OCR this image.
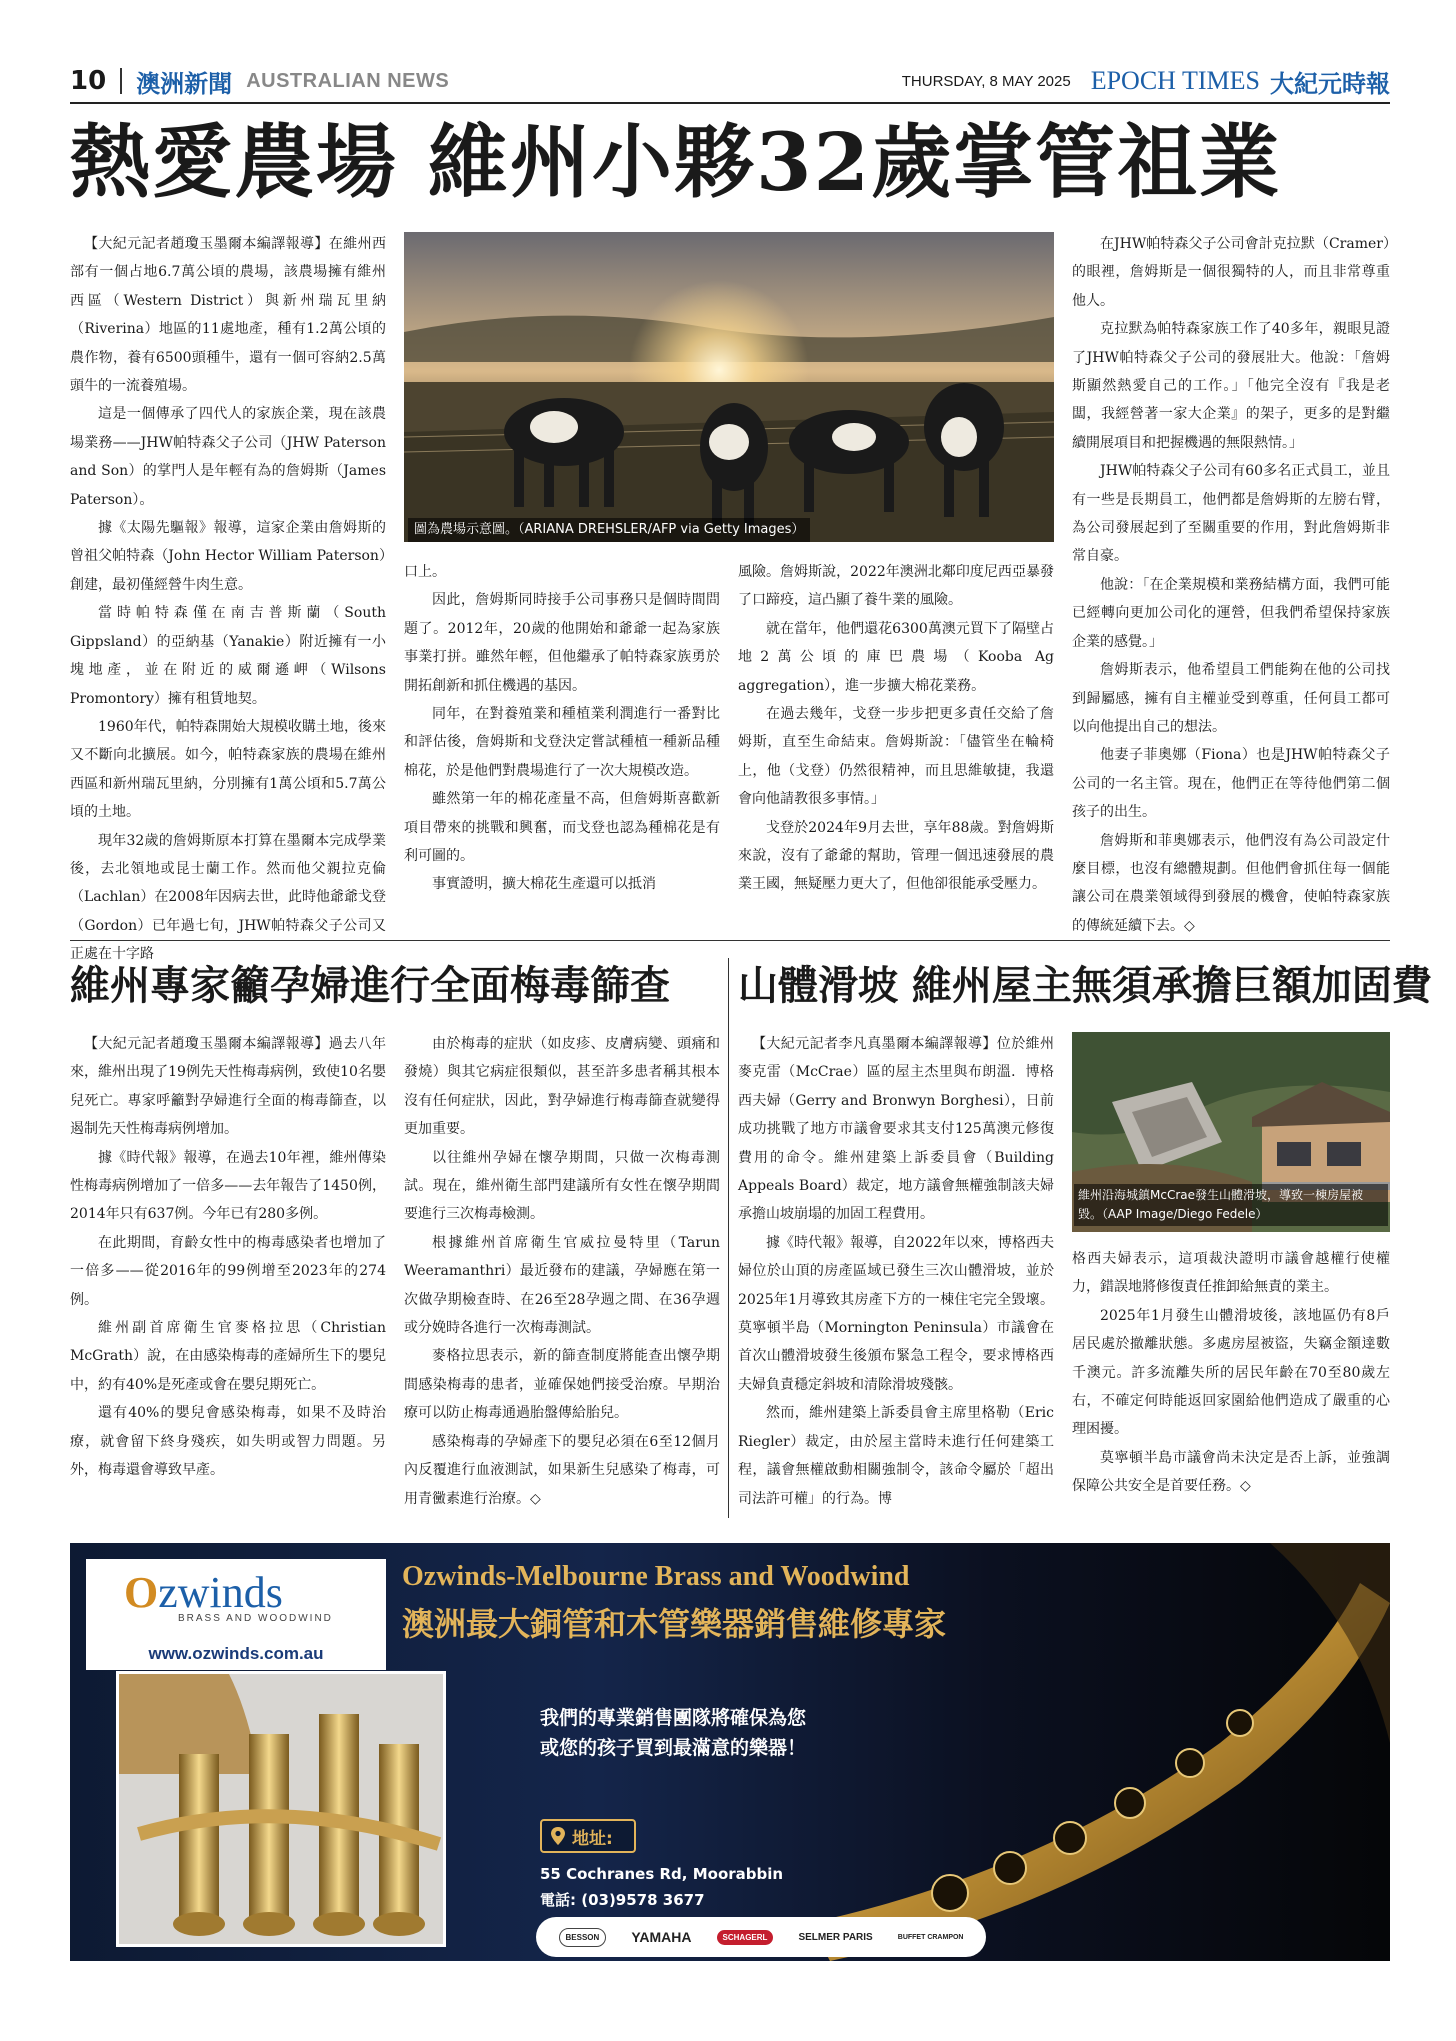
10 澳洲新聞 AUSTRALIAN NEWS	THURSDAY, 8 MAY 2025 EPOCH TIMES 大紀元時報
熱愛農場 維州小夥32歲掌管祖業

【大紀元記者趙瓊玉墨爾本編譯報導】在維州西部有一個占地6.7萬公頃的農場，該農場擁有維州西區（Western District）與新州瑞瓦里納（Riverina）地區的11處地產，種有1.2萬公頃的農作物，養有6500頭種牛，還有一個可容納2.5萬頭牛的一流養殖場。

這是一個傳承了四代人的家族企業，現在該農場業務——JHW帕特森父子公司（JHW Paterson and Son）的掌門人是年輕有為的詹姆斯（James Paterson）。

據《太陽先驅報》報導，這家企業由詹姆斯的曾祖父帕特森（John Hector William Paterson）創建，最初僅經營牛肉生意。

當時帕特森僅在南吉普斯蘭（South Gippsland）的亞納基（Yanakie）附近擁有一小塊地產，並在附近的威爾遜岬（Wilsons Promontory）擁有租賃地契。

1960年代，帕特森開始大規模收購土地，後來又不斷向北擴展。如今，帕特森家族的農場在維州西區和新州瑞瓦里納，分別擁有1萬公頃和5.7萬公頃的土地。

現年32歲的詹姆斯原本打算在墨爾本完成學業後，去北領地或昆士蘭工作。然而他父親拉克倫（Lachlan）在2008年因病去世，此時他爺爺戈登（Gordon）已年過七旬，JHW帕特森父子公司又正處在十字路

圖為農場示意圖。（ARIANA DREHSLER/AFP via Getty Images）

口上。

因此，詹姆斯同時接手公司事務只是個時間問題了。2012年，20歲的他開始和爺爺一起為家族事業打拼。雖然年輕，但他繼承了帕特森家族勇於開拓創新和抓住機遇的基因。

同年，在對養殖業和種植業利潤進行一番對比和評估後，詹姆斯和戈登決定嘗試種植一種新品種棉花，於是他們對農場進行了一次大規模改造。

雖然第一年的棉花產量不高，但詹姆斯喜歡新項目帶來的挑戰和興奮，而戈登也認為種棉花是有利可圖的。

事實證明，擴大棉花生產還可以抵消

風險。詹姆斯說，2022年澳洲北鄰印度尼西亞暴發了口蹄疫，這凸顯了養牛業的風險。

就在當年，他們還花6300萬澳元買下了隔壁占地2萬公頃的庫巴農場（Kooba Ag aggregation），進一步擴大棉花業務。

在過去幾年，戈登一步步把更多責任交給了詹姆斯，直至生命結束。詹姆斯說：「儘管坐在輪椅上，他（戈登）仍然很精神，而且思維敏捷，我還會向他請教很多事情。」

戈登於2024年9月去世，享年88歲。對詹姆斯來說，沒有了爺爺的幫助，管理一個迅速發展的農業王國，無疑壓力更大了，但他卻很能承受壓力。

在JHW帕特森父子公司會計克拉默（Cramer）的眼裡，詹姆斯是一個很獨特的人，而且非常尊重他人。

克拉默為帕特森家族工作了40多年，親眼見證了JHW帕特森父子公司的發展壯大。他說：「詹姆斯顯然熱愛自己的工作。」「他完全沒有『我是老闆，我經營著一家大企業』的架子，更多的是對繼續開展項目和把握機遇的無限熱情。」

JHW帕特森父子公司有60多名正式員工，並且有一些是長期員工，他們都是詹姆斯的左膀右臂，為公司發展起到了至關重要的作用，對此詹姆斯非常自豪。

他說：「在企業規模和業務結構方面，我們可能已經轉向更加公司化的運營，但我們希望保持家族企業的感覺。」

詹姆斯表示，他希望員工們能夠在他的公司找到歸屬感，擁有自主權並受到尊重，任何員工都可以向他提出自己的想法。

他妻子菲奧娜（Fiona）也是JHW帕特森父子公司的一名主管。現在，他們正在等待他們第二個孩子的出生。

詹姆斯和菲奧娜表示，他們沒有為公司設定什麼目標，也沒有總體規劃。但他們會抓住每一個能讓公司在農業領域得到發展的機會，使帕特森家族的傳統延續下去。◇

維州專家籲孕婦進行全面梅毒篩查

【大紀元記者趙瓊玉墨爾本編譯報導】過去八年來，維州出現了19例先天性梅毒病例，致使10名嬰兒死亡。專家呼籲對孕婦進行全面的梅毒篩查，以遏制先天性梅毒病例增加。

據《時代報》報導，在過去10年裡，維州傳染性梅毒病例增加了一倍多——去年報告了1450例，2014年只有637例。今年已有280多例。

在此期間，育齡女性中的梅毒感染者也增加了一倍多——從2016年的99例增至2023年的274例。

維州副首席衛生官麥格拉思（Christian McGrath）說，在由感染梅毒的產婦所生下的嬰兒中，約有40%是死產或會在嬰兒期死亡。

還有40%的嬰兒會感染梅毒，如果不及時治療，就會留下終身殘疾，如失明或智力問題。另外，梅毒還會導致早產。

由於梅毒的症狀（如皮疹、皮膚病變、頭痛和發燒）與其它病症很類似，甚至許多患者稱其根本沒有任何症狀，因此，對孕婦進行梅毒篩查就變得更加重要。

以往維州孕婦在懷孕期間，只做一次梅毒測試。現在，維州衛生部門建議所有女性在懷孕期間要進行三次梅毒檢測。

根據維州首席衛生官威拉曼特里（Tarun Weeramanthri）最近發布的建議，孕婦應在第一次做孕期檢查時、在26至28孕週之間、在36孕週或分娩時各進行一次梅毒測試。

麥格拉思表示，新的篩查制度將能查出懷孕期間感染梅毒的患者，並確保她們接受治療。早期治療可以防止梅毒通過胎盤傳給胎兒。

感染梅毒的孕婦產下的嬰兒必須在6至12個月內反覆進行血液測試，如果新生兒感染了梅毒，可用青黴素進行治療。◇

山體滑坡 維州屋主無須承擔巨額加固費

【大紀元記者李凡真墨爾本編譯報導】位於維州麥克雷（McCrae）區的屋主杰里與布朗溫．博格西夫婦（Gerry and Bronwyn Borghesi），日前成功挑戰了地方市議會要求其支付125萬澳元修復費用的命令。維州建築上訴委員會（Building Appeals Board）裁定，地方議會無權強制該夫婦承擔山坡崩塌的加固工程費用。

據《時代報》報導，自2022年以來，博格西夫婦位於山頂的房產區域已發生三次山體滑坡，並於2025年1月導致其房產下方的一棟住宅完全毀壞。莫寧頓半島（Mornington Peninsula）市議會在首次山體滑坡發生後頒布緊急工程令，要求博格西夫婦負責穩定斜坡和清除滑坡殘骸。

然而，維州建築上訴委員會主席里格勒（Eric Riegler）裁定，由於屋主當時未進行任何建築工程，議會無權啟動相關強制令，該命令屬於「超出司法許可權」的行為。博

維州沿海城鎮McCrae發生山體滑坡，導致一棟房屋被毀。（AAP Image/Diego Fedele）

格西夫婦表示，這項裁決證明市議會越權行使權力，錯誤地將修復責任推卸給無責的業主。

2025年1月發生山體滑坡後，該地區仍有8戶居民處於撤離狀態。多處房屋被盜，失竊金額達數千澳元。許多流離失所的居民年齡在70至80歲左右，不確定何時能返回家園給他們造成了嚴重的心理困擾。

莫寧頓半島市議會尚未決定是否上訴，並強調保障公共安全是首要任務。◇

Ozwinds
BRASS AND WOODWIND
www.ozwinds.com.au
Ozwinds-Melbourne Brass and Woodwind
澳洲最大銅管和木管樂器銷售維修專家
我們的專業銷售團隊將確保為您
或您的孩子買到最滿意的樂器！
地址:
55 Cochranes Rd, Moorabbin
電話: (03)9578 3677
BESSON	YAMAHA	SCHAGERL	SELMER PARIS	BUFFET CRAMPON
